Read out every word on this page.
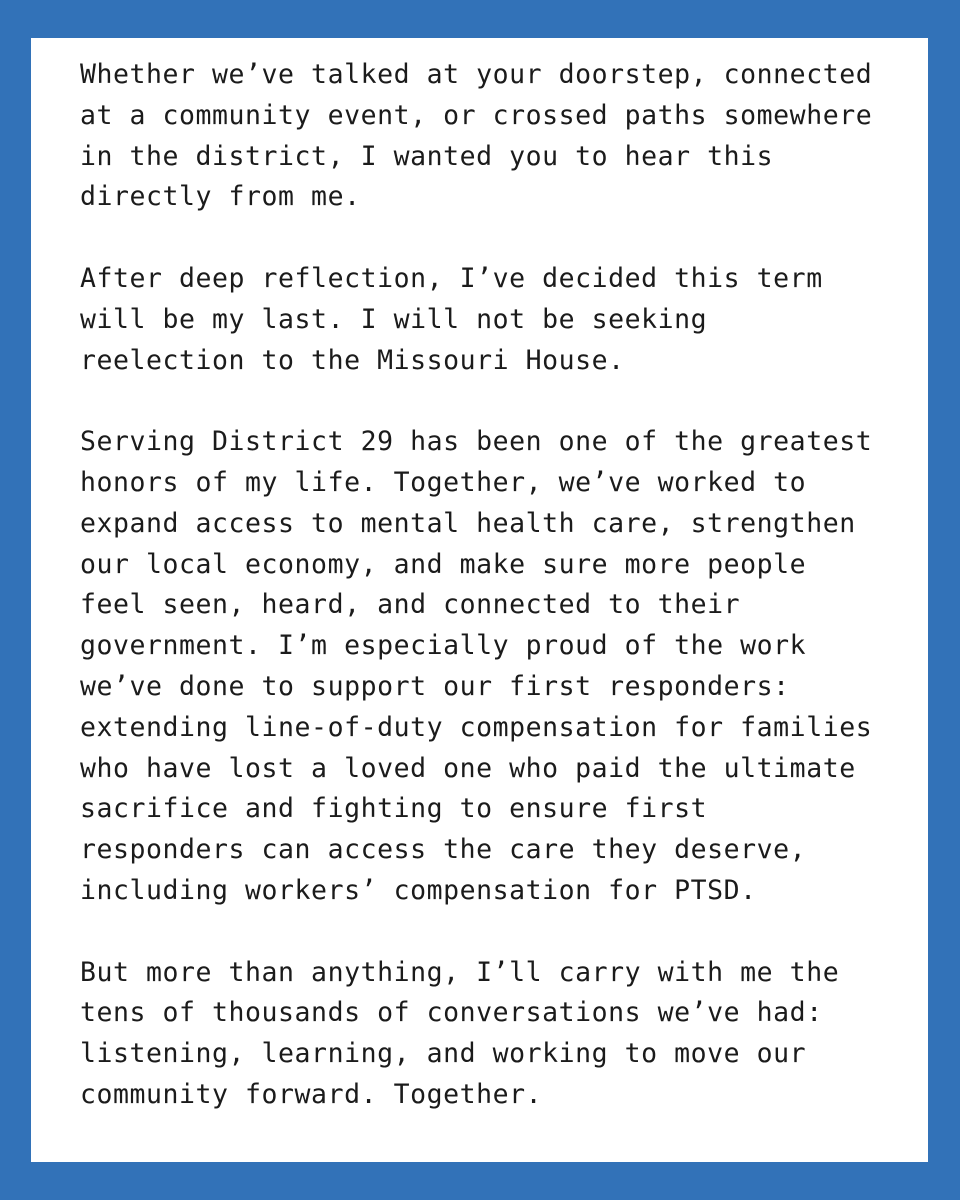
Whether we’ve talked at your doorstep, connected
at a community event, or crossed paths somewhere
in the district, I wanted you to hear this
directly from me.

After deep reflection, I’ve decided this term
will be my last. I will not be seeking
reelection to the Missouri House.

Serving District 29 has been one of the greatest
honors of my life. Together, we’ve worked to
expand access to mental health care, strengthen
our local economy, and make sure more people
feel seen, heard, and connected to their
government. I’m especially proud of the work
we’ve done to support our first responders:
extending line-of-duty compensation for families
who have lost a loved one who paid the ultimate
sacrifice and fighting to ensure first
responders can access the care they deserve,
including workers’ compensation for PTSD.

But more than anything, I’ll carry with me the
tens of thousands of conversations we’ve had:
listening, learning, and working to move our
community forward. Together.
